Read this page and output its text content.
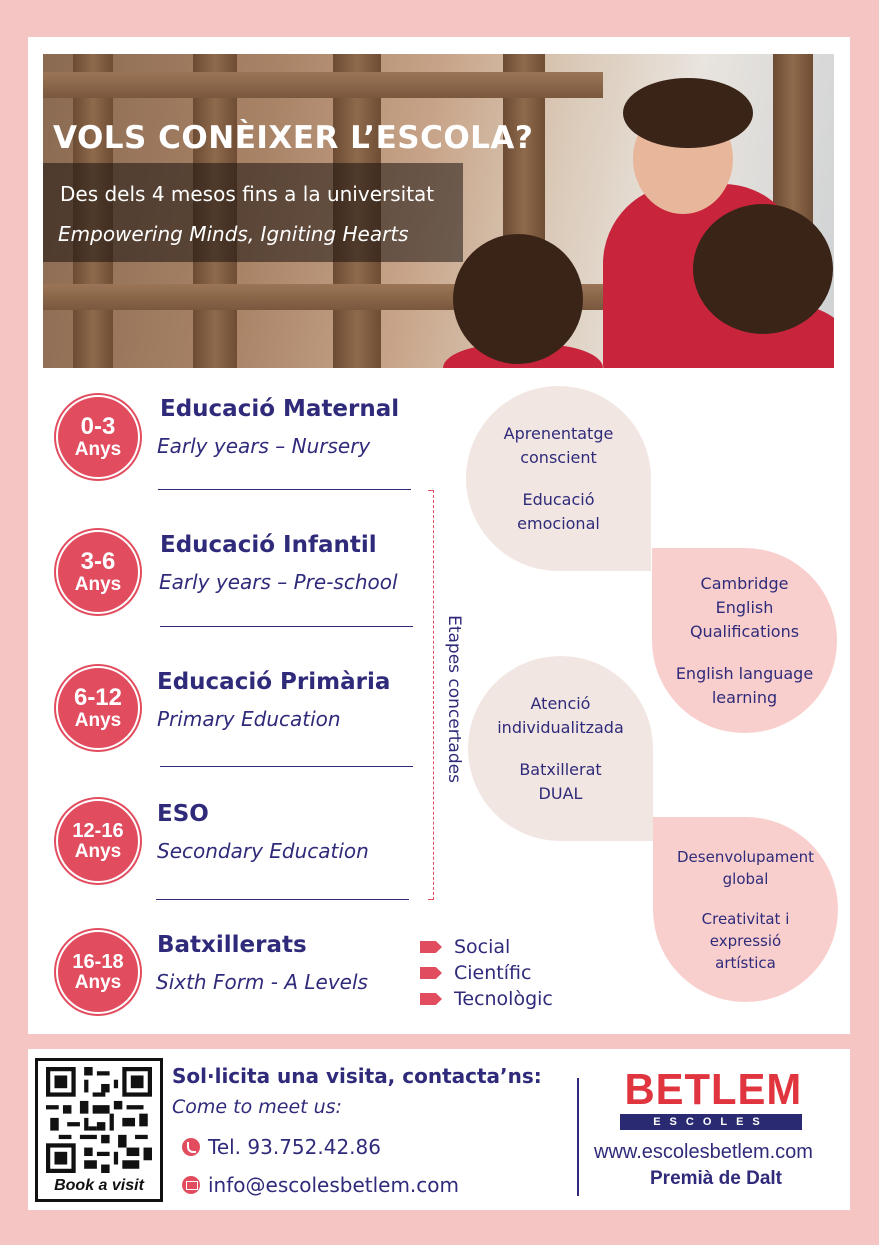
VOLS CONÈIXER L’ESCOLA?
Des dels 4 mesos fins a la universitat
Empowering Minds, Igniting Hearts
0-3
Anys
Educació Maternal
Early years – Nursery
3-6
Anys
Educació Infantil
Early years – Pre-school
6-12
Anys
Educació Primària
Primary Education
12-16
Anys
ESO
Secondary Education
16-18
Anys
Batxillerats
Sixth Form - A Levels
Etapes concertades
Social
Científic
Tecnològic
Aprenentatge
conscient
Educació
emocional
Cambridge
English
Qualifications
English language
learning
Atenció
individualitzada
Batxillerat
DUAL
Desenvolupament
global
Creativitat i
expressió
artística
Book a visit
Sol·licita una visita, contacta’ns:
Come to meet us:
Tel. 93.752.42.86
info@escolesbetlem.com
BETLEM
ESCOLES
www.escolesbetlem.com
Premià de Dalt
